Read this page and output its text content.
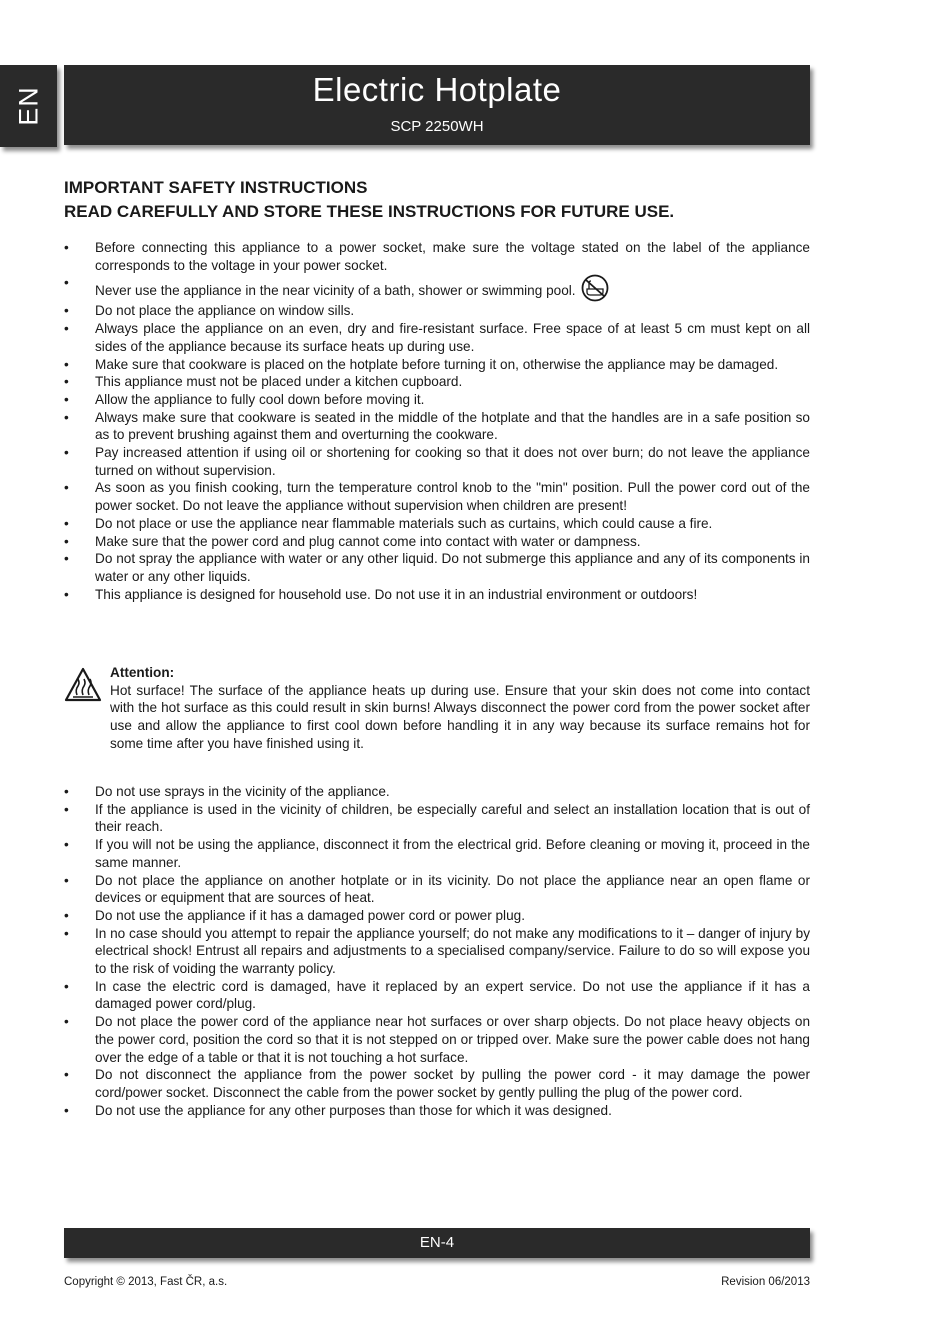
EN	Electric Hotplate
SCP 2250WH
IMPORTANT SAFETY INSTRUCTIONS
READ CAREFULLY AND STORE THESE INSTRUCTIONS FOR FUTURE USE.
• Before connecting this appliance to a power socket, make sure the voltage stated on the label of the appliance corresponds to the voltage in your power socket.
•
Never use the appliance in the near vicinity of a bath, shower or swimming pool.
• Do not place the appliance on window sills.
• Always place the appliance on an even, dry and fire-resistant surface. Free space of at least 5 cm must kept on all sides of the appliance because its surface heats up during use.
• Make sure that cookware is placed on the hotplate before turning it on, otherwise the appliance may be damaged.
• This appliance must not be placed under a kitchen cupboard.
• Allow the appliance to fully cool down before moving it.
• Always make sure that cookware is seated in the middle of the hotplate and that the handles are in a safe position so as to prevent brushing against them and overturning the cookware.
• Pay increased attention if using oil or shortening for cooking so that it does not over burn; do not leave the appliance turned on without supervision.
• As soon as you finish cooking, turn the temperature control knob to the "min" position. Pull the power cord out of the power socket. Do not leave the appliance without supervision when children are present!
• Do not place or use the appliance near flammable materials such as curtains, which could cause a fire.
• Make sure that the power cord and plug cannot come into contact with water or dampness.
• Do not spray the appliance with water or any other liquid. Do not submerge this appliance and any of its components in water or any other liquids.
• This appliance is designed for household use. Do not use it in an industrial environment or outdoors!
Attention:
Hot surface! The surface of the appliance heats up during use. Ensure that your skin does not come into contact with the hot surface as this could result in skin burns! Always disconnect the power cord from the power socket after use and allow the appliance to first cool down before handling it in any way because its surface remains hot for some time after you have finished using it.
• Do not use sprays in the vicinity of the appliance.
• If the appliance is used in the vicinity of children, be especially careful and select an installation location that is out of their reach.
• If you will not be using the appliance, disconnect it from the electrical grid. Before cleaning or moving it, proceed in the same manner.
• Do not place the appliance on another hotplate or in its vicinity. Do not place the appliance near an open flame or devices or equipment that are sources of heat.
• Do not use the appliance if it has a damaged power cord or power plug.
• In no case should you attempt to repair the appliance yourself; do not make any modifications to it – danger of injury by electrical shock! Entrust all repairs and adjustments to a specialised company/service. Failure to do so will expose you to the risk of voiding the warranty policy.
• In case the electric cord is damaged, have it replaced by an expert service. Do not use the appliance if it has a damaged power cord/plug.
• Do not place the power cord of the appliance near hot surfaces or over sharp objects. Do not place heavy objects on the power cord, position the cord so that it is not stepped on or tripped over. Make sure the power cable does not hang over the edge of a table or that it is not touching a hot surface.
• Do not disconnect the appliance from the power socket by pulling the power cord - it may damage the power cord/power socket. Disconnect the cable from the power socket by gently pulling the plug of the power cord.
• Do not use the appliance for any other purposes than those for which it was designed.
EN-4
Copyright © 2013, Fast ČR, a.s.	Revision 06/2013
